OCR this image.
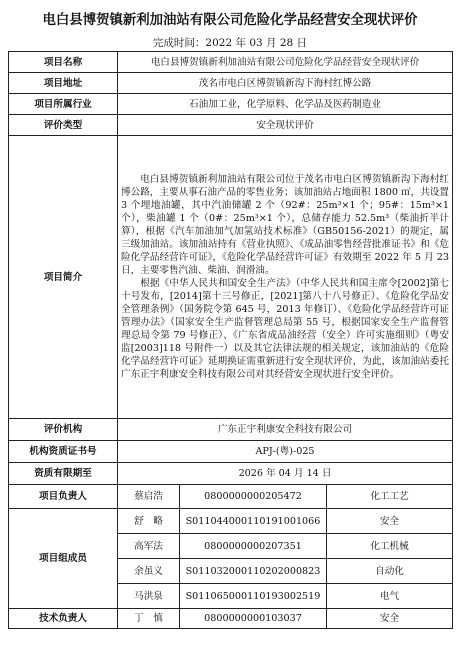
电白县博贺镇新利加油站有限公司危险化学品经营安全现状评价
完成时间：2022 年 03 月 28 日
项目名称	电白县博贺镇新利加油站有限公司危险化学品经营安全现状评价		
项目地址	茂名市电白区博贺镇新沟下海村红博公路		
项目所属行业	石油加工业，化学原料、化学品及医药制造业		
评价类型	安全现状评价		
项目简介	电白县博贺镇新利加油站有限公司位于茂名市电白区博贺镇新沟下海村红博公路，主要从事石油产品的零售业务；该加油站占地面积 1800 ㎡，共设置 3 个埋地油罐，其中汽油储罐 2 个（92#：25m³×1 个；95#：15m³×1 个），柴油罐 1 个（0#：25m³×1 个），总储存能力 52.5m³（柴油折半计算），根据《汽车加油加气加氢站技术标准》（GB50156-2021）的规定，属三级加油站。该加油站持有《营业执照》、《成品油零售经营批准证书》和《危险化学品经营许可证》，《危险化学品经营许可证》有效期至 2022 年 5 月 23 日，主要零售汽油、柴油、润滑油。

根据《中华人民共和国安全生产法》（中华人民共和国主席令[2002]第七十号发布，[2014]第十三号修正，[2021]第八十八号修正）、《危险化学品安全管理条例》（国务院令第 645 号，2013 年修订）、《危险化学品经营许可证管理办法》（国家安全生产监督管理总局第 55 号，根据国家安全生产监督管理总局令第 79 号修正）、《广东省成品油经营（安全）许可实施细则》（粤安监[2003]118 号附件一）以及其它法律法规的相关规定，该加油站的《危险化学品经营许可证》延期换证需重新进行安全现状评价，为此，该加油站委托广东正宇利康安全科技有限公司对其经营安全现状进行安全评价。		

评价机构	广东正宇利康安全科技有限公司		
机构资质证书号	APJ-(粤)-025		
资质有限期至	2026 年 04 月 14 日		
项目负责人	蔡启浩	0800000000205472	化工工艺
项目组成员	舒　略	S011044000110191001066	安全
	高军法	0800000000207351	化工机械
	余虽义	S011032000110202000823	自动化
	马洪泉	S011065000110193002519	电气
技术负责人	丁　慎	0800000000103037	安全
